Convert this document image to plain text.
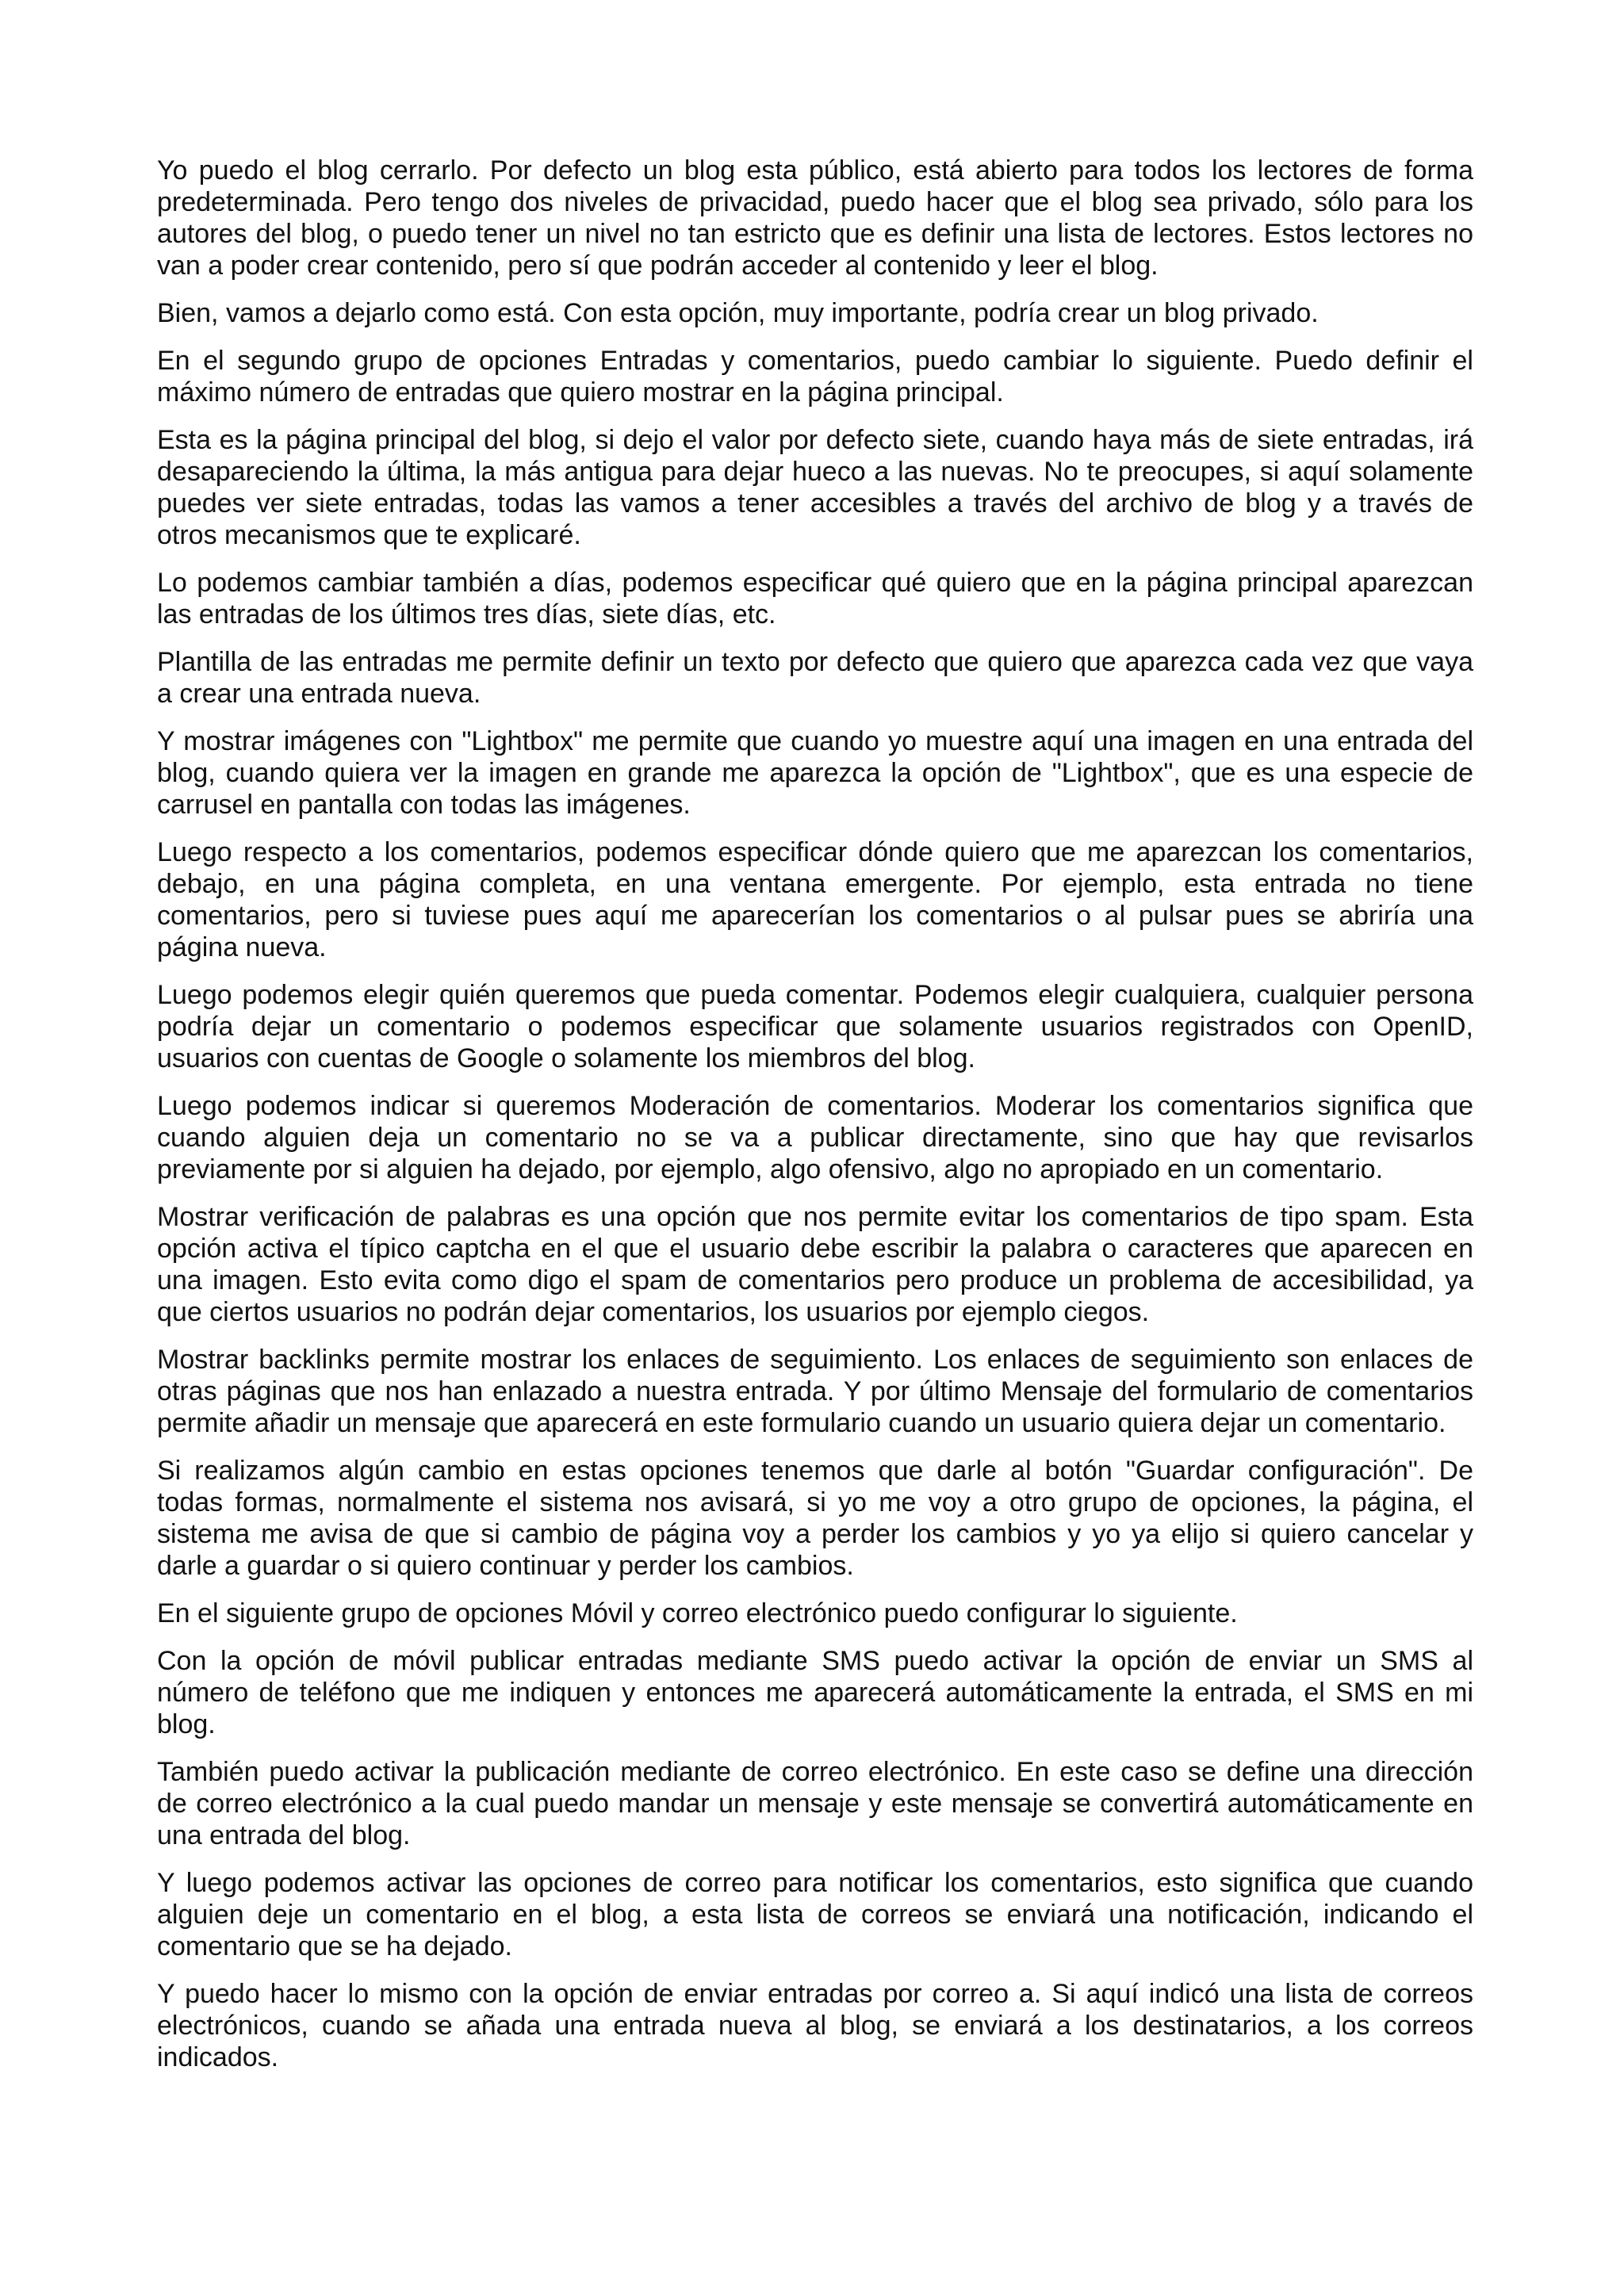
Yo puedo el blog cerrarlo. Por defecto un blog esta público, está abierto para todos los lectores de forma
predeterminada. Pero tengo dos niveles de privacidad, puedo hacer que el blog sea privado, sólo para los
autores del blog, o puedo tener un nivel no tan estricto que es definir una lista de lectores. Estos lectores no
van a poder crear contenido, pero sí que podrán acceder al contenido y leer el blog.
Bien, vamos a dejarlo como está. Con esta opción, muy importante, podría crear un blog privado.
En el segundo grupo de opciones Entradas y comentarios, puedo cambiar lo siguiente. Puedo definir el
máximo número de entradas que quiero mostrar en la página principal.
Esta es la página principal del blog, si dejo el valor por defecto siete, cuando haya más de siete entradas, irá
desapareciendo la última, la más antigua para dejar hueco a las nuevas. No te preocupes, si aquí solamente
puedes ver siete entradas, todas las vamos a tener accesibles a través del archivo de blog y a través de
otros mecanismos que te explicaré.
Lo podemos cambiar también a días, podemos especificar qué quiero que en la página principal aparezcan
las entradas de los últimos tres días, siete días, etc.
Plantilla de las entradas me permite definir un texto por defecto que quiero que aparezca cada vez que vaya
a crear una entrada nueva.
Y mostrar imágenes con "Lightbox" me permite que cuando yo muestre aquí una imagen en una entrada del
blog, cuando quiera ver la imagen en grande me aparezca la opción de "Lightbox", que es una especie de
carrusel en pantalla con todas las imágenes.
Luego respecto a los comentarios, podemos especificar dónde quiero que me aparezcan los comentarios,
debajo, en una página completa, en una ventana emergente. Por ejemplo, esta entrada no tiene
comentarios, pero si tuviese pues aquí me aparecerían los comentarios o al pulsar pues se abriría una
página nueva.
Luego podemos elegir quién queremos que pueda comentar. Podemos elegir cualquiera, cualquier persona
podría dejar un comentario o podemos especificar que solamente usuarios registrados con OpenID,
usuarios con cuentas de Google o solamente los miembros del blog.
Luego podemos indicar si queremos Moderación de comentarios. Moderar los comentarios significa que
cuando alguien deja un comentario no se va a publicar directamente, sino que hay que revisarlos
previamente por si alguien ha dejado, por ejemplo, algo ofensivo, algo no apropiado en un comentario.
Mostrar verificación de palabras es una opción que nos permite evitar los comentarios de tipo spam. Esta
opción activa el típico captcha en el que el usuario debe escribir la palabra o caracteres que aparecen en
una imagen. Esto evita como digo el spam de comentarios pero produce un problema de accesibilidad, ya
que ciertos usuarios no podrán dejar comentarios, los usuarios por ejemplo ciegos.
Mostrar backlinks permite mostrar los enlaces de seguimiento. Los enlaces de seguimiento son enlaces de
otras páginas que nos han enlazado a nuestra entrada. Y por último Mensaje del formulario de comentarios
permite añadir un mensaje que aparecerá en este formulario cuando un usuario quiera dejar un comentario.
Si realizamos algún cambio en estas opciones tenemos que darle al botón "Guardar configuración". De
todas formas, normalmente el sistema nos avisará, si yo me voy a otro grupo de opciones, la página, el
sistema me avisa de que si cambio de página voy a perder los cambios y yo ya elijo si quiero cancelar y
darle a guardar o si quiero continuar y perder los cambios.
En el siguiente grupo de opciones Móvil y correo electrónico puedo configurar lo siguiente.
Con la opción de móvil publicar entradas mediante SMS puedo activar la opción de enviar un SMS al
número de teléfono que me indiquen y entonces me aparecerá automáticamente la entrada, el SMS en mi
blog.
También puedo activar la publicación mediante de correo electrónico. En este caso se define una dirección
de correo electrónico a la cual puedo mandar un mensaje y este mensaje se convertirá automáticamente en
una entrada del blog.
Y luego podemos activar las opciones de correo para notificar los comentarios, esto significa que cuando
alguien deje un comentario en el blog, a esta lista de correos se enviará una notificación, indicando el
comentario que se ha dejado.
Y puedo hacer lo mismo con la opción de enviar entradas por correo a. Si aquí indicó una lista de correos
electrónicos, cuando se añada una entrada nueva al blog, se enviará a los destinatarios, a los correos
indicados.
